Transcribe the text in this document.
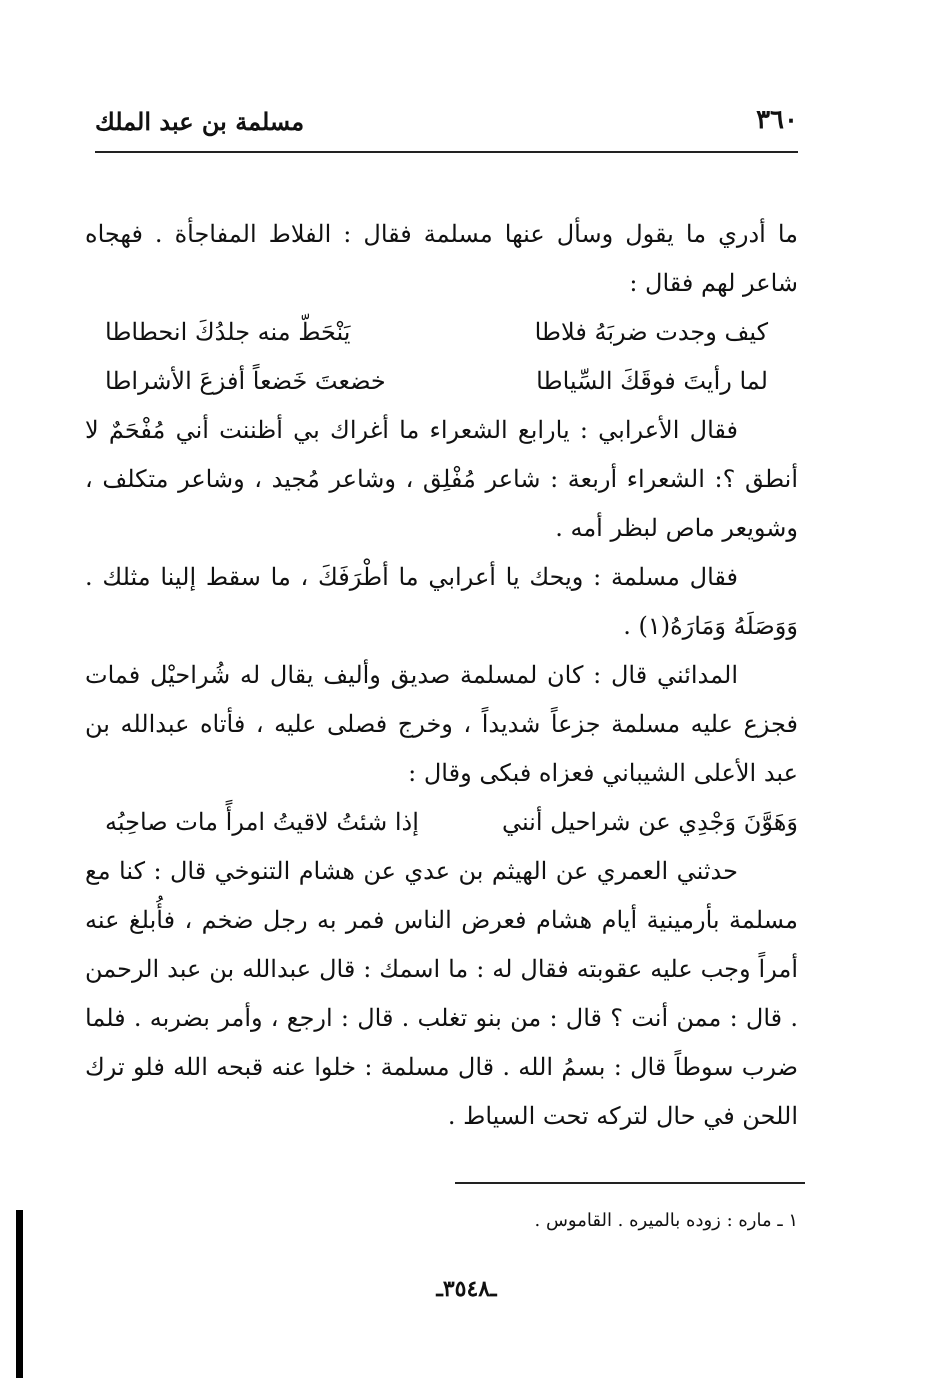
٣٦٠
مسلمة بن عبد الملك

ما أدري ما يقول وسأل عنها مسلمة فقال : الفلاط المفاجأة . فهجاه شاعر لهم فقال :

كيف وجدت ضربَهُ فلاطا
يَنْحَطّ منه جلدُكَ انحطاطا
لما رأيتَ فوقَكَ السِّياطا
خضعتَ خَضعاً أفزعَ الأشراطا

فقال الأعرابي : يارابع الشعراء ما أغراك بي أظننت أني مُفْحَمٌ لا أنطق ؟: الشعراء أربعة : شاعر مُفْلِق ، وشاعر مُجيد ، وشاعر متكلف ، وشويعر ماص لبظر أمه .

فقال مسلمة : ويحك يا أعرابي ما أطْرَفَكَ ، ما سقط إلينا مثلك . وَوَصَلَهُ وَمَارَهُ(١) .

المدائني قال : كان لمسلمة صديق وأليف يقال له شُراحيْل فمات فجزع عليه مسلمة جزعاً شديداً ، وخرج فصلى عليه ، فأتاه عبدالله بن عبد الأعلى الشيباني فعزاه فبكى وقال :

وَهَوَّنَ وَجْدِي عن شراحيل أنني
إذا شئتُ لاقيتُ امرأً مات صاحِبُه

حدثني العمري عن الهيثم بن عدي عن هشام التنوخي قال : كنا مع مسلمة بأرمينية أيام هشام فعرض الناس فمر به رجل ضخم ، فأُبلغ عنه أمراً وجب عليه عقوبته فقال له : ما اسمك : قال عبدالله بن عبد الرحمن . قال : ممن أنت ؟ قال : من بنو تغلب . قال : ارجع ، وأمر بضربه . فلما ضرب سوطاً قال : بسمُ الله . قال مسلمة : خلوا عنه قبحه الله فلو ترك اللحن في حال لتركه تحت السياط .

١ ـ ماره : زوده بالميره . القاموس .
ـ٣٥٤٨ـ
